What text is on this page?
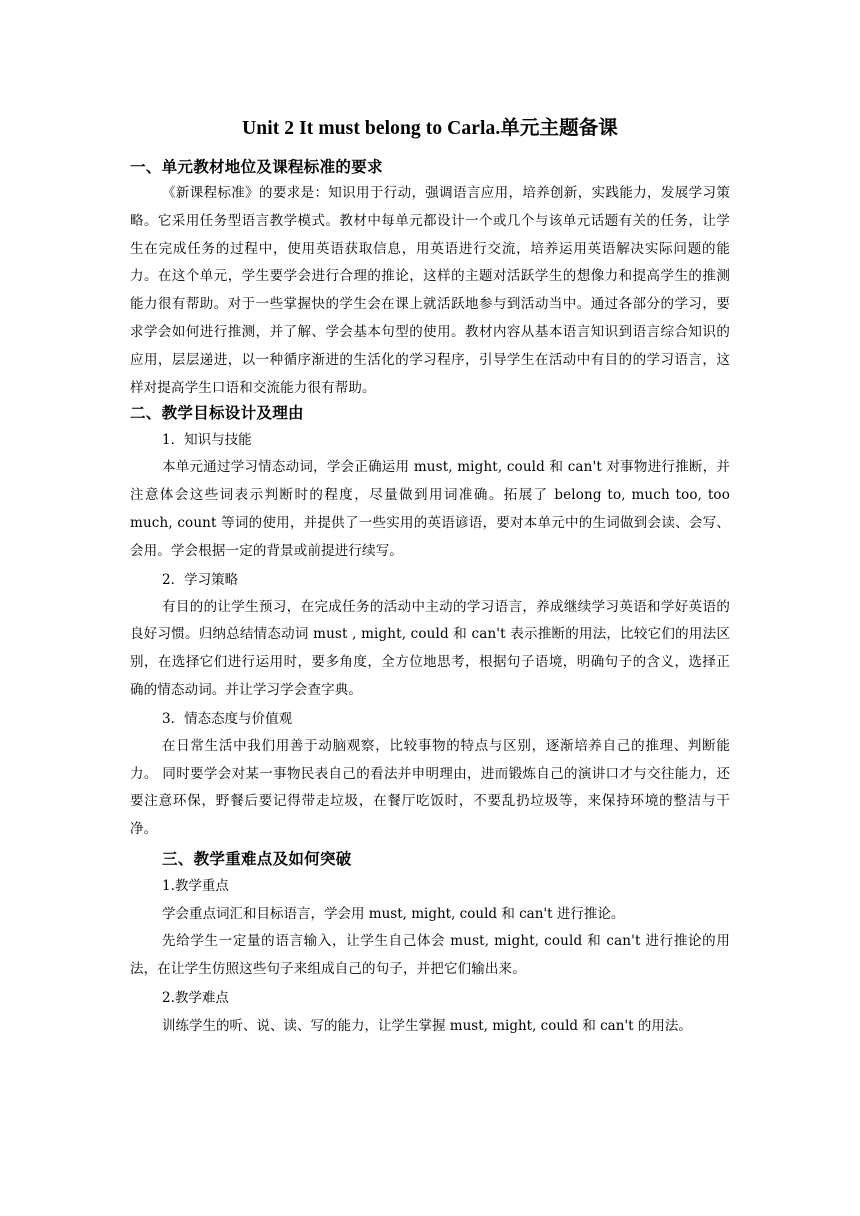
Unit 2 It must belong to Carla.单元主题备课
一、单元教材地位及课程标准的要求

《新课程标准》的要求是：知识用于行动，强调语言应用，培养创新，实践能力，发展学习策略。它采用任务型语言教学模式。教材中每单元都设计一个或几个与该单元话题有关的任务，让学生在完成任务的过程中，使用英语获取信息，用英语进行交流，培养运用英语解决实际问题的能力。在这个单元，学生要学会进行合理的推论，这样的主题对活跃学生的想像力和提高学生的推测能力很有帮助。对于一些掌握快的学生会在课上就活跃地参与到活动当中。通过各部分的学习，要求学会如何进行推测，并了解、学会基本句型的使用。教材内容从基本语言知识到语言综合知识的应用，层层递进，以一种循序渐进的生活化的学习程序，引导学生在活动中有目的的学习语言，这样对提高学生口语和交流能力很有帮助。

二、教学目标设计及理由
1．知识与技能

本单元通过学习情态动词，学会正确运用 must, might, could 和 can't 对事物进行推断，并注意体会这些词表示判断时的程度，尽量做到用词准确。拓展了 belong to, much too, too much, count 等词的使用，并提供了一些实用的英语谚语，要对本单元中的生词做到会读、会写、会用。学会根据一定的背景或前提进行续写。

2．学习策略

有目的的让学生预习，在完成任务的活动中主动的学习语言，养成继续学习英语和学好英语的良好习惯。归纳总结情态动词 must , might, could 和 can't 表示推断的用法，比较它们的用法区别，在选择它们进行运用时，要多角度，全方位地思考，根据句子语境，明确句子的含义，选择正确的情态动词。并让学习学会查字典。

3．情态态度与价值观

在日常生活中我们用善于动脑观察，比较事物的特点与区别，逐渐培养自己的推理、判断能力。 同时要学会对某一事物民表自己的看法并申明理由，进而锻炼自己的演讲口才与交往能力，还要注意环保，野餐后要记得带走垃圾，在餐厅吃饭时，不要乱扔垃圾等，来保持环境的整洁与干净。

三、教学重难点及如何突破
1.教学重点
学会重点词汇和目标语言，学会用 must, might, could 和 can't 进行推论。

先给学生一定量的语言输入，让学生自己体会 must, might, could 和 can't 进行推论的用法，在让学生仿照这些句子来组成自己的句子，并把它们输出来。

2.教学难点
训练学生的听、说、读、写的能力，让学生掌握 must, might, could 和 can't 的用法。
